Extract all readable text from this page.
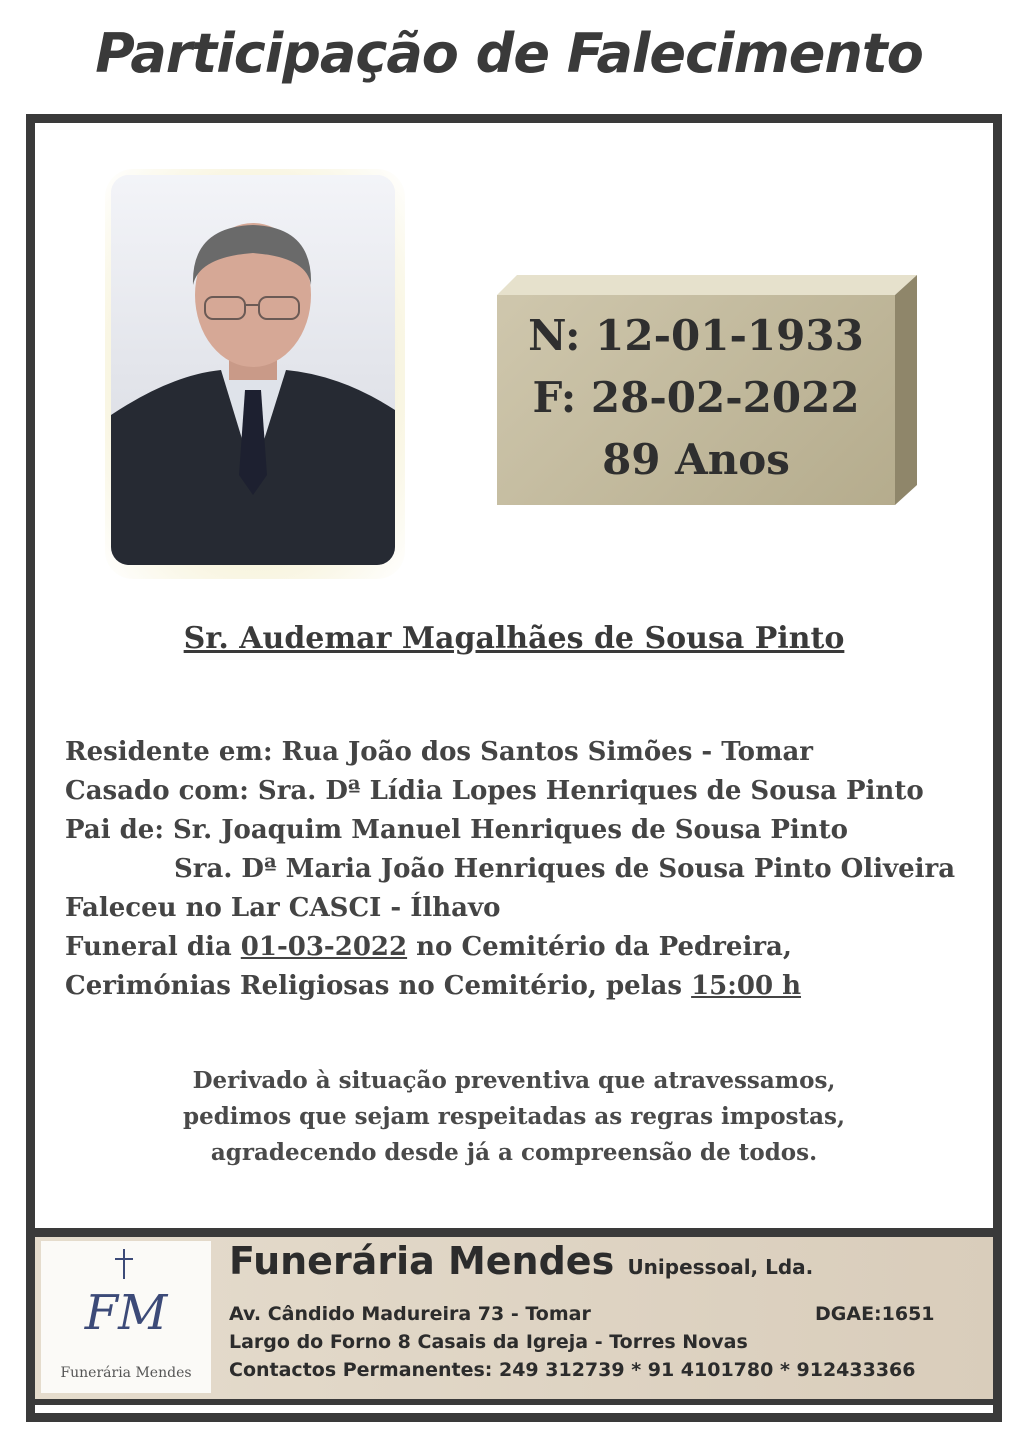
Participação de Falecimento
N: 12-01-1933
F: 28-02-2022
89 Anos
Sr. Audemar Magalhães de Sousa Pinto
Residente em: Rua João dos Santos Simões - Tomar
Casado com: Sra. Dª Lídia Lopes Henriques de Sousa Pinto
Pai de: Sr. Joaquim Manuel Henriques de Sousa Pinto
Sra. Dª Maria João Henriques de Sousa Pinto Oliveira
Faleceu no Lar CASCI - Ílhavo
Funeral dia 01-03-2022 no Cemitério da Pedreira,
Cerimónias Religiosas no Cemitério, pelas 15:00 h
Derivado à situação preventiva que atravessamos,
pedimos que sejam respeitadas as regras impostas,
agradecendo desde já a compreensão de todos.
FM
Funerária Mendes
Funerária Mendes Unipessoal, Lda.
Av. Cândido Madureira 73 - Tomar	DGAE:1651
Largo do Forno 8 Casais da Igreja - Torres Novas
Contactos Permanentes: 249 312739 * 91 4101780 * 912433366
